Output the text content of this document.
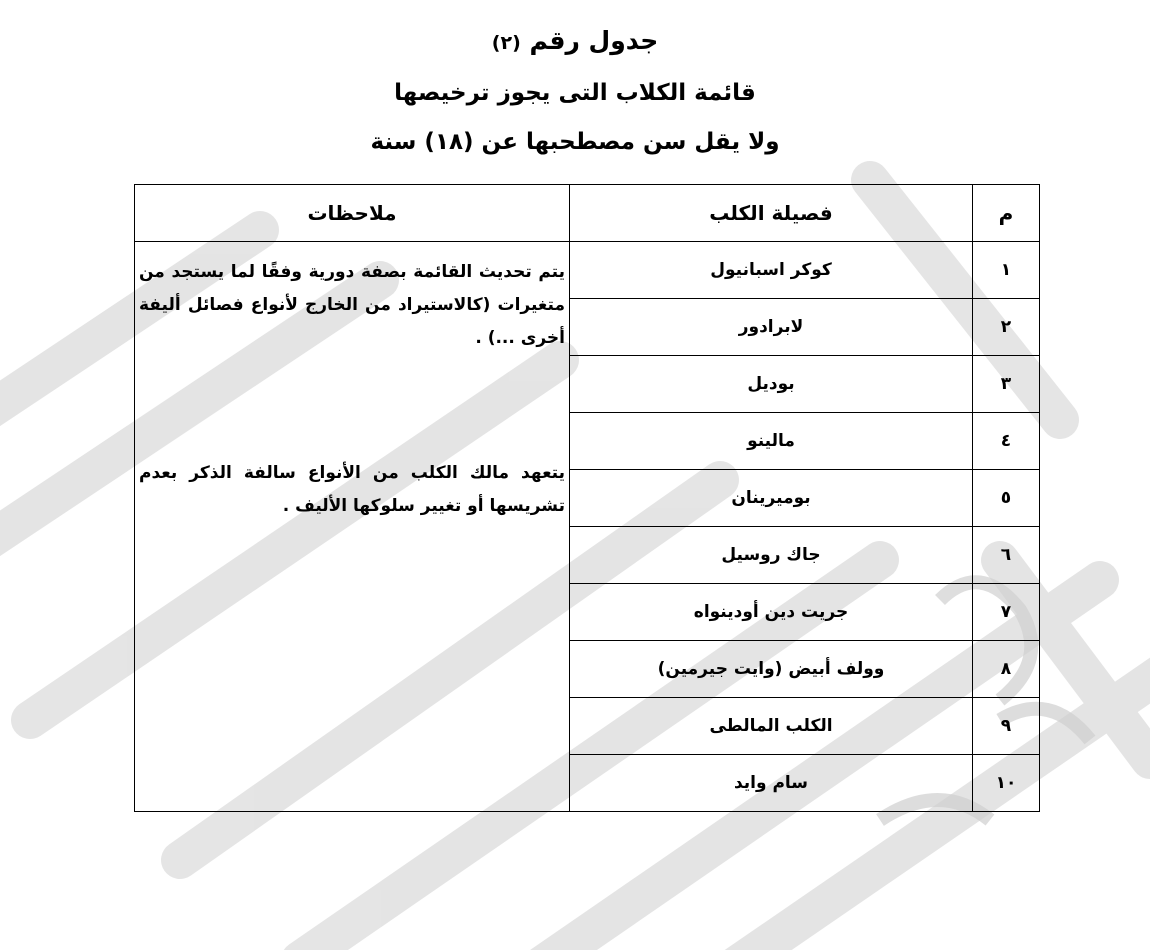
جدول رقم (٢)
قائمة الكلاب التى يجوز ترخيصها
ولا يقل سن مصطحبها عن (١٨) سنة
م	فصيلة الكلب	ملاحظات
١	كوكر اسبانيول	يتم تحديث القائمة بصفة دورية وفقًا لما يستجد من متغيرات (كالاستيراد من الخارج لأنواع فصائل أليفة أخرى ...) .

يتعهد مالك الكلب من الأنواع سالفة الذكر بعدم تشريسها أو تغيير سلوكها الأليف .

٢	لابرادور	
٣	بوديل	
٤	مالينو	
٥	بوميرينان	
٦	جاك روسيل	
٧	جريت دين أودينواه	
٨	وولف أبيض (وايت جيرمين)	
٩	الكلب المالطى	
١٠	سام وايد	
